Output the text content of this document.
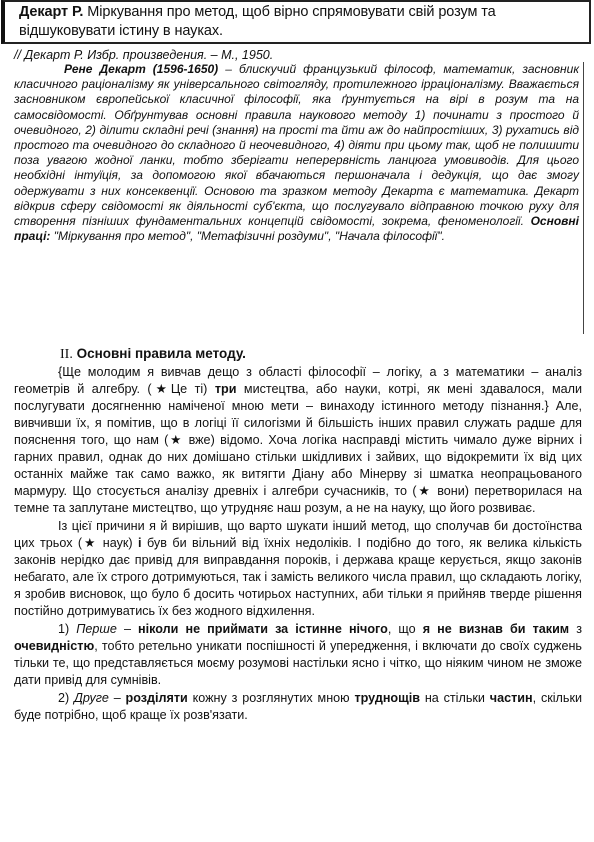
Декарт Р. Міркування про метод, щоб вірно спрямовувати свій розум та відшуковувати істину в науках.
// Декарт Р. Избр. произведения. – М., 1950.

Рене Декарт (1596-1650) – блискучий французький філософ, математик, засновник класичного раціоналізму як універсального світогляду, протилежного ірраціоналізму. Вважається засновником європейської класичної філософії, яка ґрунтується на вірі в розум та на самосвідомості. Обґрунтував основні правила наукового методу 1) починати з простого й очевидного, 2) ділити складні речі (знання) на прості та йти аж до найпростіших, 3) рухатись від простого та очевидного до складного й неочевидного, 4) діяти при цьому так, щоб не полишити поза увагою жодної ланки, тобто зберігати неперервність ланцюга умовиводів. Для цього необхідні інтуїція, за допомогою якої вбачаються першоначала і дедукція, що дає змогу одержувати з них консеквенції. Основою та зразком методу Декарта є математика. Декарт відкрив сферу свідомості як діяльності суб'єкта, що послугувало відправною точкою руху для створення пізніших фундаментальних концепцій свідомості, зокрема, феноменології. Основні праці: "Міркування про метод", "Метафізичні роздуми", "Начала філософії".

II. Основні правила методу.

{Ще молодим я вивчав дещо з області філософії – логіку, а з математики – аналіз геометрів й алгебру. (★Це ті) три мистецтва, або науки, котрі, як мені здавалося, мали послугувати досягненню наміченої мною мети – винаходу істинного методу пізнання.} Але, вивчивши їх, я помітив, що в логіці її силогізми й більшість інших правил служать радше для пояснення того, що нам (★ вже) відомо. Хоча логіка насправді містить чимало дуже вірних і гарних правил, однак до них домішано стільки шкідливих і зайвих, що відокремити їх від цих останніх майже так само важко, як витягти Діану або Мінерву зі шматка неопрацьованого мармуру. Що стосується аналізу древніх і алгебри сучасників, то (★ вони) перетворилася на темне та заплутане мистецтво, що утрудняє наш розум, а не на науку, що його розвиває.

Із цієї причини я й вирішив, що варто шукати інший метод, що сполучав би достоїнства цих трьох (★ наук) і був би вільний від їхніх недоліків. І подібно до того, як велика кількість законів нерідко дає привід для виправдання пороків, і держава краще керується, якщо законів небагато, але їх строго дотримуються, так і замість великого числа правил, що складають логіку, я зробив висновок, що було б досить чотирьох наступних, аби тільки я прийняв тверде рішення постійно дотримуватись їх без жодного відхилення.

1) Перше – ніколи не приймати за істинне нічого, що я не визнав би таким з очевидністю, тобто ретельно уникати поспішності й упередження, і включати до своїх суджень тільки те, що представляється моєму розумові настільки ясно і чітко, що ніяким чином не зможе дати привід для сумнівів.

2) Друге – розділяти кожну з розглянутих мною труднощів на стільки частин, скільки буде потрібно, щоб краще їх розв'язати.
